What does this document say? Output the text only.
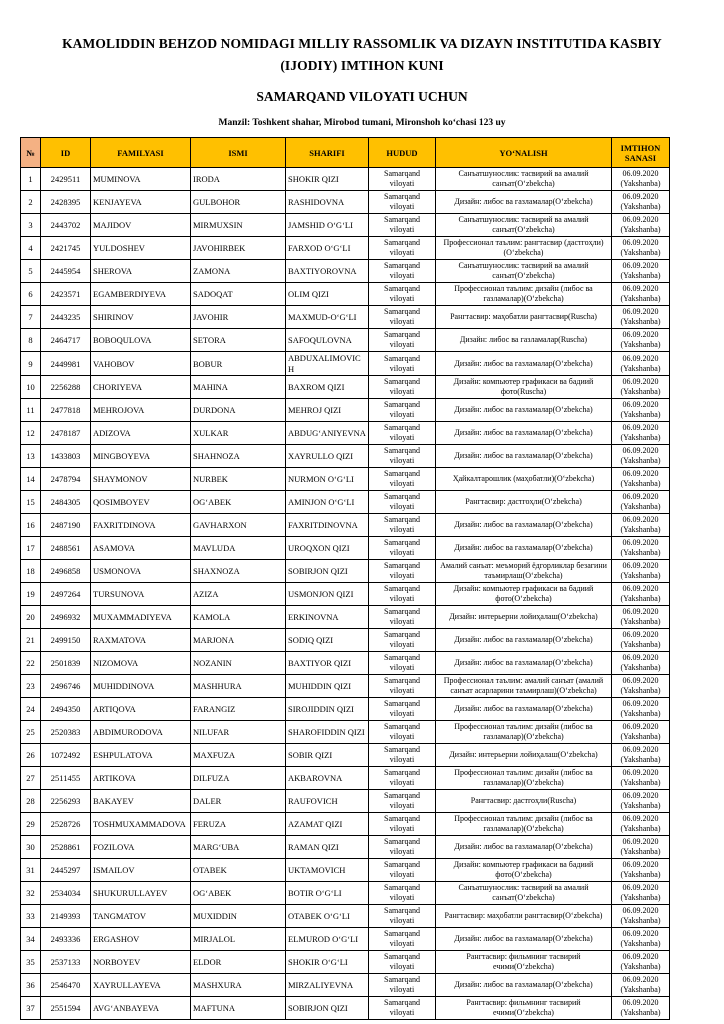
KAMOLIDDIN BEHZOD NOMIDAGI MILLIY RASSOMLIK VA DIZAYN INSTITUTIDA KASBIY (IJODIY) IMTIHON KUNI
SAMARQAND VILOYATI UCHUN
Manzil: Toshkent shahar, Mirobod tumani, Mironshoh ko‘chasi 123 uy
№	ID	FAMILYASI	ISMI	SHARIFI	HUDUD	YO‘NALISH	IMTIHON SANASI
1	2429511	MUMINOVA	IRODA	SHOKIR QIZI	Samarqand viloyati	Санъатшунослик: тасвирий ва амалий санъат(O‘zbekcha)	06.09.2020 (Yakshanba)
2	2428395	KENJAYEVA	GULBOHOR	RASHIDOVNA	Samarqand viloyati	Дизайн: либос ва газламалар(O‘zbekcha)	06.09.2020 (Yakshanba)
3	2443702	MAJIDOV	MIRMUXSIN	JAMSHID O‘G‘LI	Samarqand viloyati	Санъатшунослик: тасвирий ва амалий санъат(O‘zbekcha)	06.09.2020 (Yakshanba)
4	2421745	YULDOSHEV	JAVOHIRBEK	FARXOD O‘G‘LI	Samarqand viloyati	Профессионал таълим: рангтасвир (дастгоҳли)(O‘zbekcha)	06.09.2020 (Yakshanba)
5	2445954	SHEROVA	ZAMONA	BAXTIYOROVNA	Samarqand viloyati	Санъатшунослик: тасвирий ва амалий санъат(O‘zbekcha)	06.09.2020 (Yakshanba)
6	2423571	EGAMBERDIYEVA	SADOQAT	OLIM QIZI	Samarqand viloyati	Профессионал таълим: дизайн (либос ва газламалар)(O‘zbekcha)	06.09.2020 (Yakshanba)
7	2443235	SHIRINOV	JAVOHIR	MAXMUD-O‘G‘LI	Samarqand viloyati	Рангтасвир: маҳобатли рангтасвир(Ruscha)	06.09.2020 (Yakshanba)
8	2464717	BOBOQULOVA	SETORA	SAFOQULOVNA	Samarqand viloyati	Дизайн: либос ва газламалар(Ruscha)	06.09.2020 (Yakshanba)
9	2449981	VAHOBOV	BOBUR	ABDUXALIMOVICH	Samarqand viloyati	Дизайн: либос ва газламалар(O‘zbekcha)	06.09.2020 (Yakshanba)
10	2256288	CHORIYEVA	MAHINA	BAXROM QIZI	Samarqand viloyati	Дизайн: компьютер графикаси ва бадиий фото(Ruscha)	06.09.2020 (Yakshanba)
11	2477818	MEHROJOVA	DURDONA	MEHROJ QIZI	Samarqand viloyati	Дизайн: либос ва газламалар(O‘zbekcha)	06.09.2020 (Yakshanba)
12	2478187	ADIZOVA	XULKAR	ABDUG‘ANIYEVNA	Samarqand viloyati	Дизайн: либос ва газламалар(O‘zbekcha)	06.09.2020 (Yakshanba)
13	1433803	MINGBOYEVA	SHAHNOZA	XAYRULLO QIZI	Samarqand viloyati	Дизайн: либос ва газламалар(O‘zbekcha)	06.09.2020 (Yakshanba)
14	2478794	SHAYMONOV	NURBEK	NURMON O‘G‘LI	Samarqand viloyati	Ҳайкалтарошлик (маҳобатли)(O‘zbekcha)	06.09.2020 (Yakshanba)
15	2484305	QOSIMBOYEV	OG‘ABEK	AMINJON O‘G‘LI	Samarqand viloyati	Рангтасвир: дастгоҳли(O‘zbekcha)	06.09.2020 (Yakshanba)
16	2487190	FAXRITDINOVA	GAVHARXON	FAXRITDINOVNA	Samarqand viloyati	Дизайн: либос ва газламалар(O‘zbekcha)	06.09.2020 (Yakshanba)
17	2488561	ASAMOVA	MAVLUDA	UROQXON QIZI	Samarqand viloyati	Дизайн: либос ва газламалар(O‘zbekcha)	06.09.2020 (Yakshanba)
18	2496858	USMONOVA	SHAXNOZA	SOBIRJON QIZI	Samarqand viloyati	Амалий санъат: меъморий ёдгорликлар безагини таъмирлаш(O‘zbekcha)	06.09.2020 (Yakshanba)
19	2497264	TURSUNOVA	AZIZA	USMONJON QIZI	Samarqand viloyati	Дизайн: компьютер графикаси ва бадиий фото(O‘zbekcha)	06.09.2020 (Yakshanba)
20	2496932	MUXAMMADIYEVA	KAMOLA	ERKINOVNA	Samarqand viloyati	Дизайн: интерьерни лойиҳалаш(O‘zbekcha)	06.09.2020 (Yakshanba)
21	2499150	RAXMATOVA	MARJONA	SODIQ QIZI	Samarqand viloyati	Дизайн: либос ва газламалар(O‘zbekcha)	06.09.2020 (Yakshanba)
22	2501839	NIZOMOVA	NOZANIN	BAXTIYOR QIZI	Samarqand viloyati	Дизайн: либос ва газламалар(O‘zbekcha)	06.09.2020 (Yakshanba)
23	2496746	MUHIDDINOVA	MASHHURA	MUHIDDIN QIZI	Samarqand viloyati	Профессионал таълим: амалий санъат (амалий санъат асарларини таъмирлаш)(O‘zbekcha)	06.09.2020 (Yakshanba)
24	2494350	ARTIQOVA	FARANGIZ	SIROJIDDIN QIZI	Samarqand viloyati	Дизайн: либос ва газламалар(O‘zbekcha)	06.09.2020 (Yakshanba)
25	2520383	ABDIMURODOVA	NILUFAR	SHAROFIDDIN QIZI	Samarqand viloyati	Профессионал таълим: дизайн (либос ва газламалар)(O‘zbekcha)	06.09.2020 (Yakshanba)
26	1072492	ESHPULATOVA	MAXFUZA	SOBIR QIZI	Samarqand viloyati	Дизайн: интерьерни лойиҳалаш(O‘zbekcha)	06.09.2020 (Yakshanba)
27	2511455	ARTIKOVA	DILFUZA	AKBAROVNA	Samarqand viloyati	Профессионал таълим: дизайн (либос ва газламалар)(O‘zbekcha)	06.09.2020 (Yakshanba)
28	2256293	BAKAYEV	DALER	RAUFOVICH	Samarqand viloyati	Рангтасвир: дастгоҳли(Ruscha)	06.09.2020 (Yakshanba)
29	2528726	TOSHMUXAMMADOVA	FERUZA	AZAMAT QIZI	Samarqand viloyati	Профессионал таълим: дизайн (либос ва газламалар)(O‘zbekcha)	06.09.2020 (Yakshanba)
30	2528861	FOZILOVA	MARG‘UBA	RAMAN QIZI	Samarqand viloyati	Дизайн: либос ва газламалар(O‘zbekcha)	06.09.2020 (Yakshanba)
31	2445297	ISMAILOV	OTABEK	UKTAMOVICH	Samarqand viloyati	Дизайн: компьютер графикаси ва бадиий фото(O‘zbekcha)	06.09.2020 (Yakshanba)
32	2534034	SHUKURULLAYEV	OG‘ABEK	BOTIR O‘G‘LI	Samarqand viloyati	Санъатшунослик: тасвирий ва амалий санъат(O‘zbekcha)	06.09.2020 (Yakshanba)
33	2149393	TANGMATOV	MUXIDDIN	OTABEK O‘G‘LI	Samarqand viloyati	Рангтасвир: маҳобатли рангтасвир(O‘zbekcha)	06.09.2020 (Yakshanba)
34	2493336	ERGASHOV	MIRJALOL	ELMUROD O‘G‘LI	Samarqand viloyati	Дизайн: либос ва газламалар(O‘zbekcha)	06.09.2020 (Yakshanba)
35	2537133	NORBOYEV	ELDOR	SHOKIR O‘G‘LI	Samarqand viloyati	Рангтасвир: фильмнинг тасвирий ечими(O‘zbekcha)	06.09.2020 (Yakshanba)
36	2546470	XAYRULLAYEVA	MASHXURA	MIRZALIYEVNA	Samarqand viloyati	Дизайн: либос ва газламалар(O‘zbekcha)	06.09.2020 (Yakshanba)
37	2551594	AVG‘ANBAYEVA	MAFTUNA	SOBIRJON QIZI	Samarqand viloyati	Рангтасвир: фильмнинг тасвирий ечими(O‘zbekcha)	06.09.2020 (Yakshanba)
